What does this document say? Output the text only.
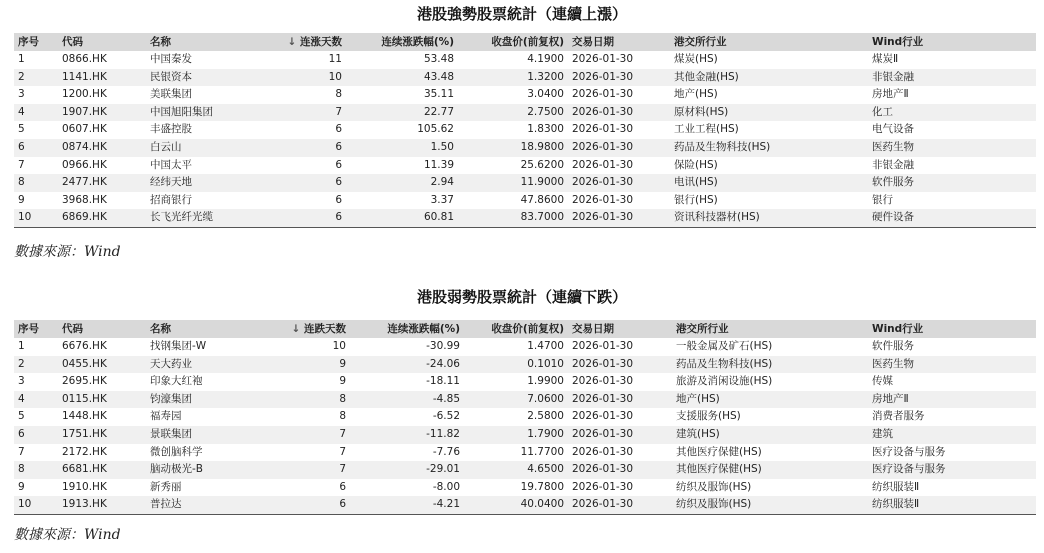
港股強勢股票統計（連續上漲）
序号	代码	名称	↓ 连涨天数	连续涨跌幅(%)	收盘价(前复权) 交易日期	港交所行业	Wind行业
1	0866.HK	中国秦发	11	53.48	4.1900 2026-01-30	煤炭(HS)	煤炭Ⅱ
2	1141.HK	民银资本	10	43.48	1.3200 2026-01-30	其他金融(HS)	非银金融
3	1200.HK	美联集团	8	35.11	3.0400 2026-01-30	地产(HS)	房地产Ⅱ
4	1907.HK	中国旭阳集团	7	22.77	2.7500 2026-01-30	原材料(HS)	化工
5	0607.HK	丰盛控股	6	105.62	1.8300 2026-01-30	工业工程(HS)	电气设备
6	0874.HK	白云山	6	1.50	18.9800 2026-01-30	药品及生物科技(HS)	医药生物
7	0966.HK	中国太平	6	11.39	25.6200 2026-01-30	保险(HS)	非银金融
8	2477.HK	经纬天地	6	2.94	11.9000 2026-01-30	电讯(HS)	软件服务
9	3968.HK	招商银行	6	3.37	47.8600 2026-01-30	银行(HS)	银行
10	6869.HK	长飞光纤光缆	6	60.81	83.7000 2026-01-30	资讯科技器材(HS)	硬件设备
數據來源：Wind
港股弱勢股票統計（連續下跌）
序号	代码	名称	↓ 连跌天数	连续涨跌幅(%)	收盘价(前复权) 交易日期	港交所行业	Wind行业
1	6676.HK	找钢集团-W	10	-30.99	1.4700 2026-01-30	一般金属及矿石(HS)	软件服务
2	0455.HK	天大药业	9	-24.06	0.1010 2026-01-30	药品及生物科技(HS)	医药生物
3	2695.HK	印象大红袍	9	-18.11	1.9900 2026-01-30	旅游及消闲设施(HS)	传媒
4	0115.HK	钧濠集团	8	-4.85	7.0600 2026-01-30	地产(HS)	房地产Ⅱ
5	1448.HK	福寿园	8	-6.52	2.5800 2026-01-30	支援服务(HS)	消费者服务
6	1751.HK	景联集团	7	-11.82	1.7900 2026-01-30	建筑(HS)	建筑
7	2172.HK	微创脑科学	7	-7.76	11.7700 2026-01-30	其他医疗保健(HS)	医疗设备与服务
8	6681.HK	脑动极光-B	7	-29.01	4.6500 2026-01-30	其他医疗保健(HS)	医疗设备与服务
9	1910.HK	新秀丽	6	-8.00	19.7800 2026-01-30	纺织及服饰(HS)	纺织服装Ⅱ
10	1913.HK	普拉达	6	-4.21	40.0400 2026-01-30	纺织及服饰(HS)	纺织服装Ⅱ
數據來源：Wind
